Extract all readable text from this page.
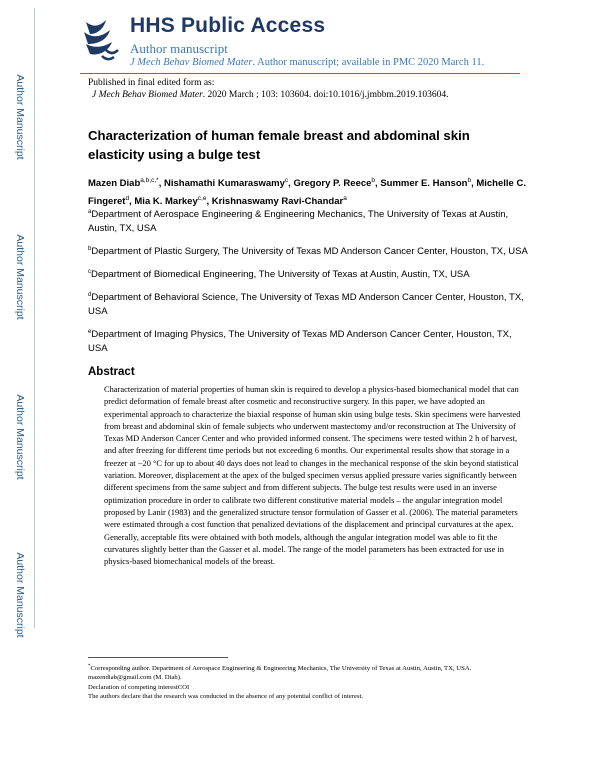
Author Manuscript
Author Manuscript
Author Manuscript
Author Manuscript
HHS Public Access
Author manuscript
J Mech Behav Biomed Mater. Author manuscript; available in PMC 2020 March 11.
Published in final edited form as:
J Mech Behav Biomed Mater. 2020 March ; 103: 103604. doi:10.1016/j.jmbbm.2019.103604.
Characterization of human female breast and abdominal skin elasticity using a bulge test
Mazen Diab$^{a,b,c,*}$, Nishamathi Kumaraswamy$^c$, Gregory P. Reece$^b$, Summer E. Hanson$^b$, Michelle C. Fingeret$^d$, Mia K. Markey$^{c,e}$, Krishnaswamy Ravi-Chandar$^a$
$^a$Department of Aerospace Engineering & Engineering Mechanics, The University of Texas at Austin, Austin, TX, USA
$^b$Department of Plastic Surgery, The University of Texas MD Anderson Cancer Center, Houston, TX, USA
$^c$Department of Biomedical Engineering, The University of Texas at Austin, Austin, TX, USA
$^d$Department of Behavioral Science, The University of Texas MD Anderson Cancer Center, Houston, TX, USA
$^e$Department of Imaging Physics, The University of Texas MD Anderson Cancer Center, Houston, TX, USA
Abstract
Characterization of material properties of human skin is required to develop a physics-based biomechanical model that can predict deformation of female breast after cosmetic and reconstructive surgery. In this paper, we have adopted an experimental approach to characterize the biaxial response of human skin using bulge tests. Skin specimens were harvested from breast and abdominal skin of female subjects who underwent mastectomy and/or reconstruction at The University of Texas MD Anderson Cancer Center and who provided informed consent. The specimens were tested within 2 h of harvest, and after freezing for different time periods but not exceeding 6 months. Our experimental results show that storage in a freezer at −20 °C for up to about 40 days does not lead to changes in the mechanical response of the skin beyond statistical variation. Moreover, displacement at the apex of the bulged specimen versus applied pressure varies significantly between different specimens from the same subject and from different subjects. The bulge test results were used in an inverse optimization procedure in order to calibrate two different constitutive material models – the angular integration model proposed by Lanir (1983) and the generalized structure tensor formulation of Gasser et al. (2006). The material parameters were estimated through a cost function that penalized deviations of the displacement and principal curvatures at the apex. Generally, acceptable fits were obtained with both models, although the angular integration model was able to fit the curvatures slightly better than the Gasser et al. model. The range of the model parameters has been extracted for use in physics-based biomechanical models of the breast.
*Corresponding author. Department of Aerospace Engineering & Engineering Mechanics, The University of Texas at Austin, Austin, TX, USA. mazendiab@gmail.com (M. Diab).
Declaration of competing interestCOI
The authors declare that the research was conducted in the absence of any potential conflict of interest.
